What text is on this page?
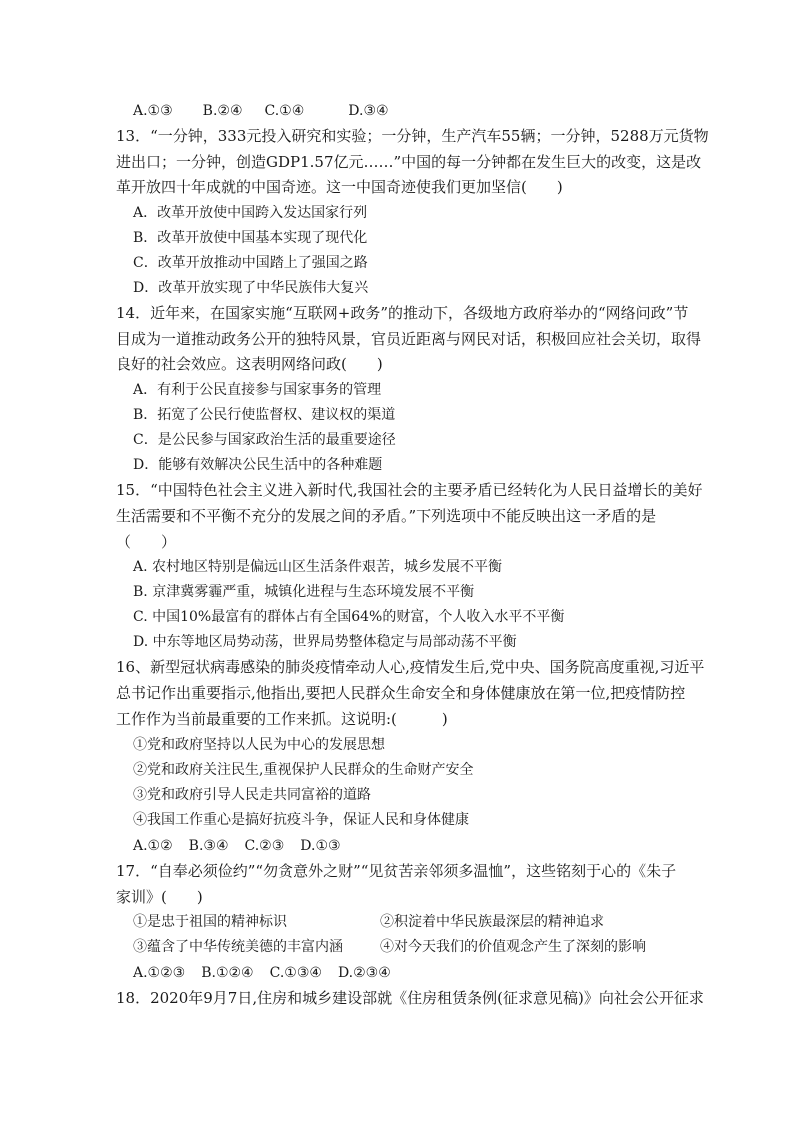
A.①③ B.②④ C.①④	D.③④
13．“一分钟，333元投入研究和实验；一分钟，生产汽车55辆；一分钟，5288万元货物
进出口；一分钟，创造GDP1.57亿元……”中国的每一分钟都在发生巨大的改变，这是改
革开放四十年成就的中国奇迹。这一中国奇迹使我们更加坚信(　　)
A．改革开放使中国跨入发达国家行列
B．改革开放使中国基本实现了现代化
C．改革开放推动中国踏上了强国之路
D．改革开放实现了中华民族伟大复兴
14．近年来，在国家实施“互联网+政务”的推动下，各级地方政府举办的“网络问政”节
目成为一道推动政务公开的独特风景，官员近距离与网民对话，积极回应社会关切，取得
良好的社会效应。这表明网络问政(　　)
A．有利于公民直接参与国家事务的管理
B．拓宽了公民行使监督权、建议权的渠道
C．是公民参与国家政治生活的最重要途径
D．能够有效解决公民生活中的各种难题
15．“中国特色社会主义进入新时代,我国社会的主要矛盾已经转化为人民日益增长的美好
生活需要和不平衡不充分的发展之间的矛盾。”下列选项中不能反映出这一矛盾的是
（　　）
A. 农村地区特别是偏远山区生活条件艰苦，城乡发展不平衡
B. 京津冀雾霾严重，城镇化进程与生态环境发展不平衡
C. 中国10%最富有的群体占有全国64%的财富，个人收入水平不平衡
D. 中东等地区局势动荡，世界局势整体稳定与局部动荡不平衡
16、新型冠状病毒感染的肺炎疫情牵动人心,疫情发生后,党中央、国务院高度重视,习近平
总书记作出重要指示,他指出,要把人民群众生命安全和身体健康放在第一位,把疫情防控
工作作为当前最重要的工作来抓。这说明:(　　　)
①党和政府坚持以人民为中心的发展思想
②党和政府关注民生,重视保护人民群众的生命财产安全
③党和政府引导人民走共同富裕的道路
④我国工作重心是搞好抗疫斗争，保证人民和身体健康
A.①② B.③④ C.②③ D.①③
17．“自奉必须俭约”“勿贪意外之财”“见贫苦亲邻须多温恤”，这些铭刻于心的《朱子
家训》(　　)
①是忠于祖国的精神标识	②积淀着中华民族最深层的精神追求
③蕴含了中华传统美德的丰富内涵	④对今天我们的价值观念产生了深刻的影响
A.①②③ B.①②④ C.①③④ D.②③④
18．2020年9月7日,住房和城乡建设部就《住房租赁条例(征求意见稿)》向社会公开征求
